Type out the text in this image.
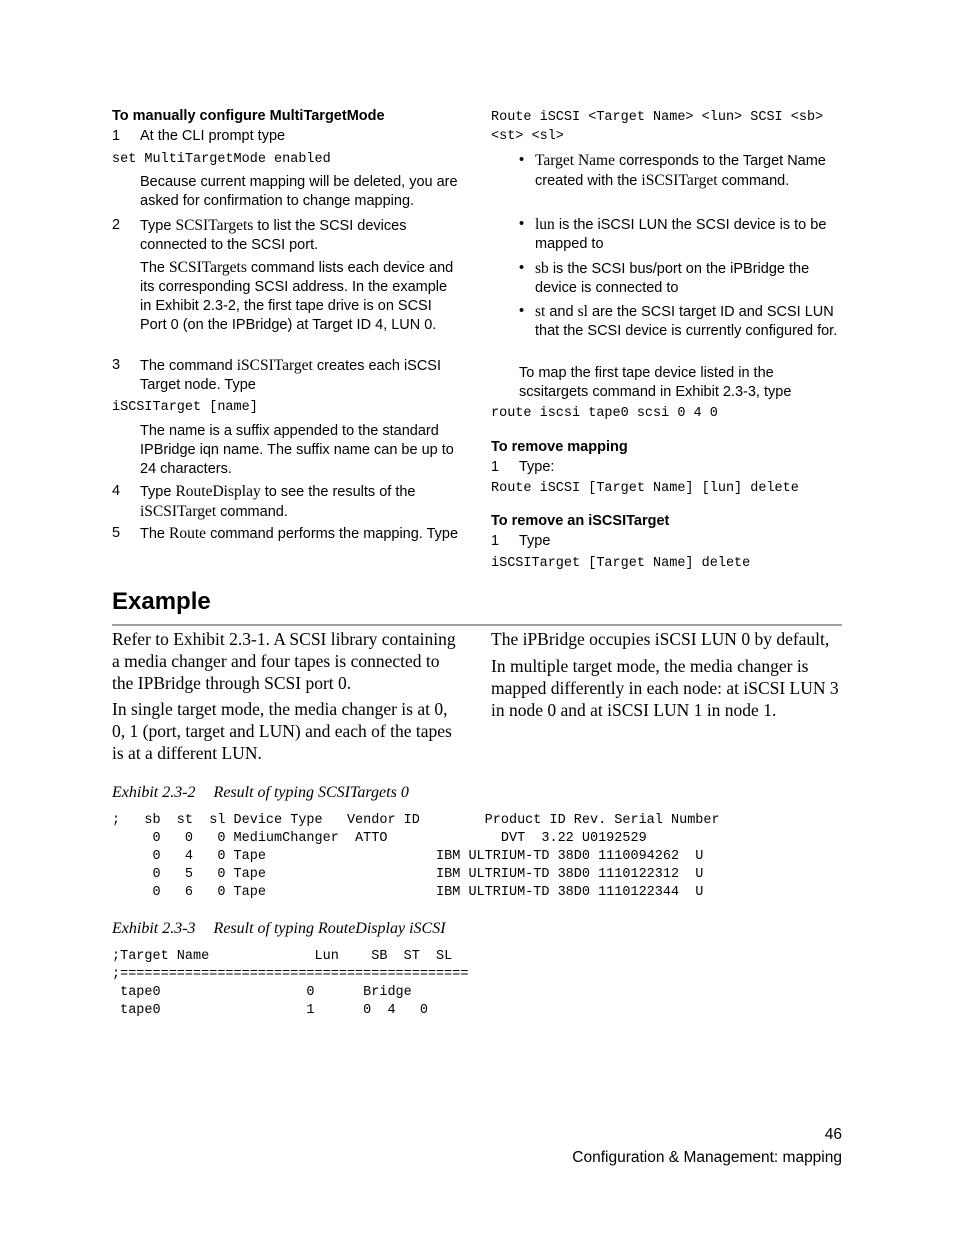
To manually configure MultiTargetMode
1 At the CLI prompt type
set MultiTargetMode enabled
Because current mapping will be deleted, you are asked for confirmation to change mapping.
2 Type SCSITargets to list the SCSI devices connected to the SCSI port.
The SCSITargets command lists each device and its corresponding SCSI address. In the example in Exhibit 2.3-2, the first tape drive is on SCSI Port 0 (on the IPBridge) at Target ID 4, LUN 0.
3 The command iSCSITarget creates each iSCSI Target node. Type
iSCSITarget [name]
The name is a suffix appended to the standard IPBridge iqn name. The suffix name can be up to 24 characters.
4 Type RouteDisplay to see the results of the iSCSITarget command.
5 The Route command performs the mapping. Type
Route iSCSI <Target Name> <lun> SCSI <sb>
<st> <sl>
• Target Name corresponds to the Target Name created with the iSCSITarget command.
• lun is the iSCSI LUN the SCSI device is to be mapped to
• sb is the SCSI bus/port on the iPBridge the device is connected to
• st and sl are the SCSI target ID and SCSI LUN that the SCSI device is currently configured for.
To map the first tape device listed in the scsitargets command in Exhibit 2.3-3, type
route iscsi tape0 scsi 0 4 0
To remove mapping
1 Type:
Route iSCSI [Target Name] [lun] delete
To remove an iSCSITarget
1 Type
iSCSITarget [Target Name] delete
Example
Refer to Exhibit 2.3-1. A SCSI library containing a media changer and four tapes is connected to the IPBridge through SCSI port 0.
In single target mode, the media changer is at 0, 0, 1 (port, target and LUN) and each of the tapes is at a different LUN.
The iPBridge occupies iSCSI LUN 0 by default,
In multiple target mode, the media changer is mapped differently in each node: at iSCSI LUN 3 in node 0 and at iSCSI LUN 1 in node 1.
Exhibit 2.3-2 Result of typing SCSITargets 0
;   sb  st  sl Device Type   Vendor ID        Product ID Rev. Serial Number
0   0   0 MediumChanger  ATTO              DVT  3.22 U0192529
0   4   0 Tape                     IBM ULTRIUM-TD 38D0 1110094262  U
0   5   0 Tape                     IBM ULTRIUM-TD 38D0 1110122312  U
0   6   0 Tape                     IBM ULTRIUM-TD 38D0 1110122344  U
Exhibit 2.3-3 Result of typing RouteDisplay iSCSI
;Target Name             Lun    SB  ST  SL
;===========================================
tape0                  0      Bridge
tape0                  1      0  4   0
46
Configuration & Management: mapping
